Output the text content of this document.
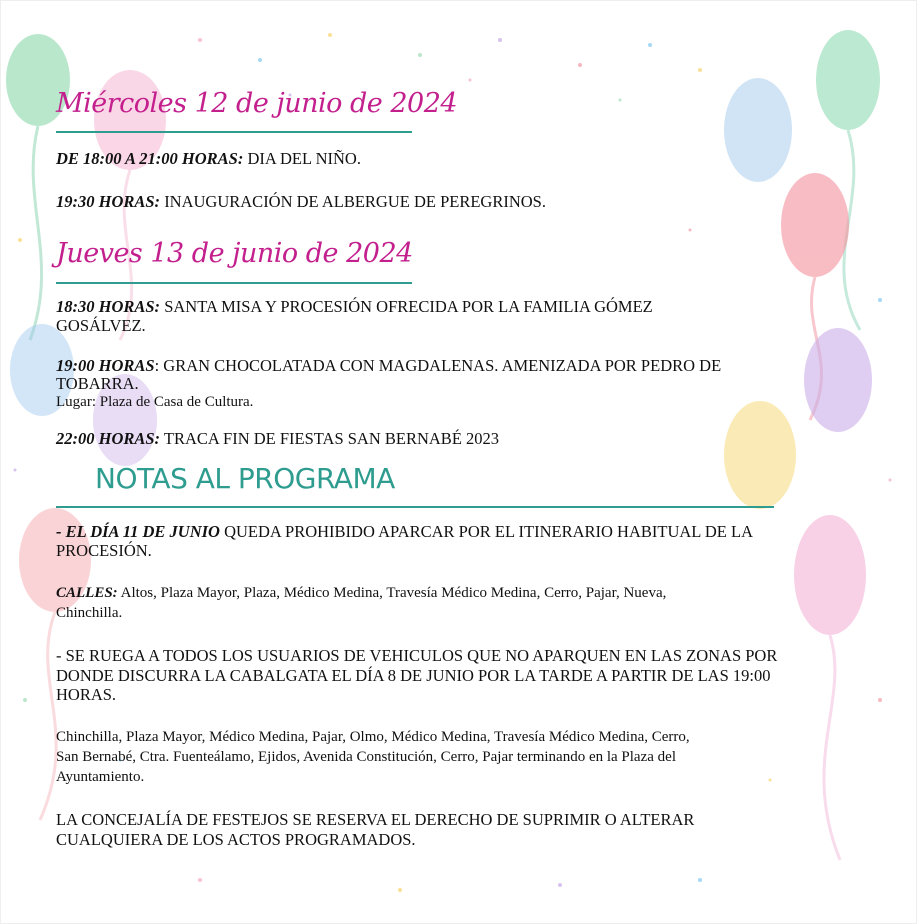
Miércoles 12 de junio de 2024
DE 18:00 A 21:00 HORAS: DIA DEL NIÑO.
19:30 HORAS: INAUGURACIÓN DE ALBERGUE DE PEREGRINOS.
Jueves 13 de junio de 2024
18:30 HORAS: SANTA MISA Y PROCESIÓN OFRECIDA POR LA FAMILIA GÓMEZ
GOSÁLVEZ.
19:00 HORAS: GRAN CHOCOLATADA CON MAGDALENAS. AMENIZADA POR PEDRO DE
TOBARRA.
Lugar: Plaza de Casa de Cultura.
22:00 HORAS: TRACA FIN DE FIESTAS SAN BERNABÉ 2023
NOTAS AL PROGRAMA
- EL DÍA 11 DE JUNIO QUEDA PROHIBIDO APARCAR POR EL ITINERARIO HABITUAL DE LA
PROCESIÓN.
CALLES: Altos, Plaza Mayor, Plaza, Médico Medina, Travesía Médico Medina, Cerro, Pajar, Nueva,
Chinchilla.
- SE RUEGA A TODOS LOS USUARIOS DE VEHICULOS QUE NO APARQUEN EN LAS ZONAS POR
DONDE DISCURRA LA CABALGATA EL DÍA 8 DE JUNIO POR LA TARDE A PARTIR DE LAS 19:00
HORAS.
Chinchilla, Plaza Mayor, Médico Medina, Pajar, Olmo, Médico Medina, Travesía Médico Medina, Cerro,
San Bernabé, Ctra. Fuenteálamo, Ejidos, Avenida Constitución, Cerro, Pajar terminando en la Plaza del
Ayuntamiento.
LA CONCEJALÍA DE FESTEJOS SE RESERVA EL DERECHO DE SUPRIMIR O ALTERAR
CUALQUIERA DE LOS ACTOS PROGRAMADOS.
